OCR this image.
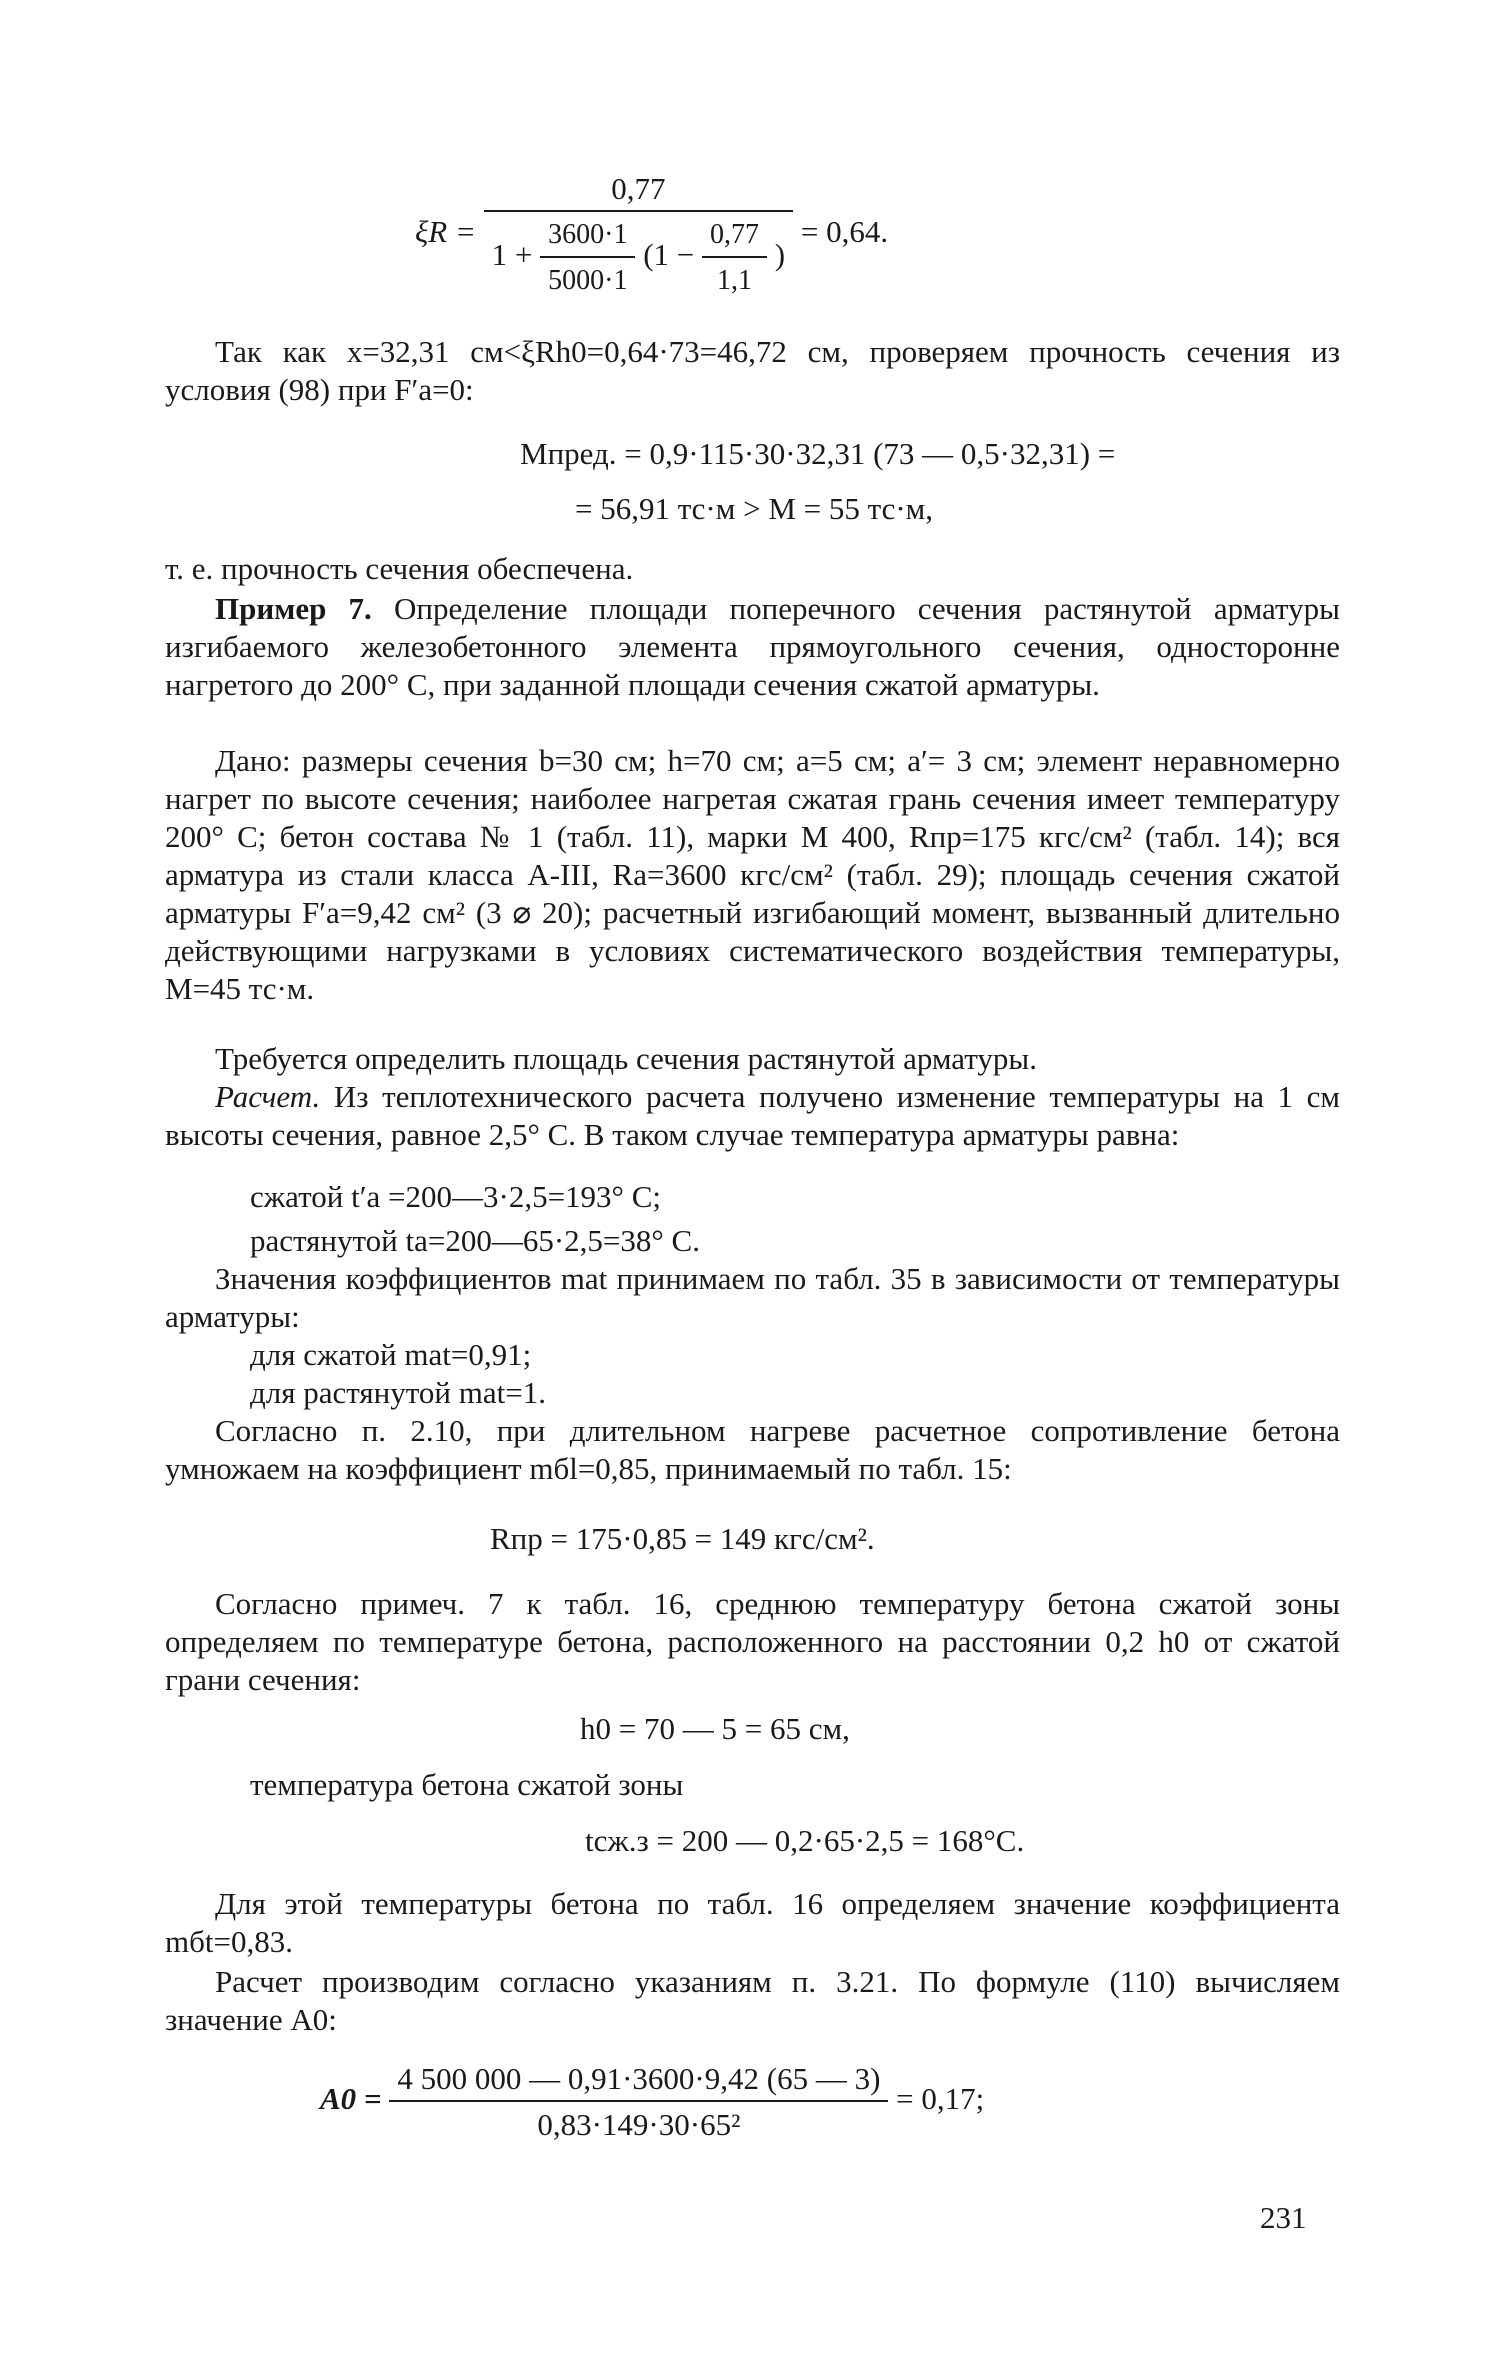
ξR =
0,77
$1 + \frac{3600\cdot 1}{5000\cdot 1} (1 - \frac{0,77}{1,1}$ )
= 0,64.

Так как x=32,31 см<ξRh0=0,64·73=46,72 см, проверяем прочность сечения из условия (98) при F′а=0:

Мпред. = 0,9·115·30·32,31 (73 — 0,5·32,31) =
= 56,91 тс·м > М = 55 тс·м,

т. е. прочность сечения обеспечена.

Пример 7. Определение площади поперечного сечения растянутой арматуры изгибаемого железобетонного элемента прямоугольного сечения, односторонне нагретого до 200° С, при заданной площади сечения сжатой арматуры.

Дано: размеры сечения b=30 см; h=70 см; a=5 см; a′= 3 см; элемент неравномерно нагрет по высоте сечения; наиболее нагретая сжатая грань сечения имеет температуру 200° С; бетон состава № 1 (табл. 11), марки М 400, Rпр=175 кгс/см² (табл. 14); вся арматура из стали класса А-III, Rа=3600 кгс/см² (табл. 29); площадь сечения сжатой арматуры F′а=9,42 см² (3 ⌀ 20); расчетный изгибающий момент, вызванный длительно действующими нагрузками в условиях систематического воздействия температуры, М=45 тс·м.

Требуется определить площадь сечения растянутой арматуры.

Расчет. Из теплотехнического расчета получено изменение температуры на 1 см высоты сечения, равное 2,5° С. В таком случае температура арматуры равна:

сжатой t′а =200—3·2,5=193° С;
растянутой tа=200—65·2,5=38° С.

Значения коэффициентов mаt принимаем по табл. 35 в зависимости от температуры арматуры:

для сжатой mаt=0,91;
для растянутой mаt=1.

Согласно п. 2.10, при длительном нагреве расчетное сопротивление бетона умножаем на коэффициент mбl=0,85, принимаемый по табл. 15:

Rпр = 175·0,85 = 149 кгс/см².

Согласно примеч. 7 к табл. 16, среднюю температуру бетона сжатой зоны определяем по температуре бетона, расположенного на расстоянии 0,2 h0 от сжатой грани сечения:

h0 = 70 — 5 = 65 см,
температура бетона сжатой зоны
tсж.з = 200 — 0,2·65·2,5 = 168°С.

Для этой температуры бетона по табл. 16 определяем значение коэффициента mбt=0,83.

Расчет производим согласно указаниям п. 3.21. По формуле (110) вычисляем значение A0:

$A0 = \frac{4 500 000 — 0,91\cdot 3600\cdot 9,42 (65 — 3)}{\text{0,83·149·30·65²}} = 0,17$;
231
